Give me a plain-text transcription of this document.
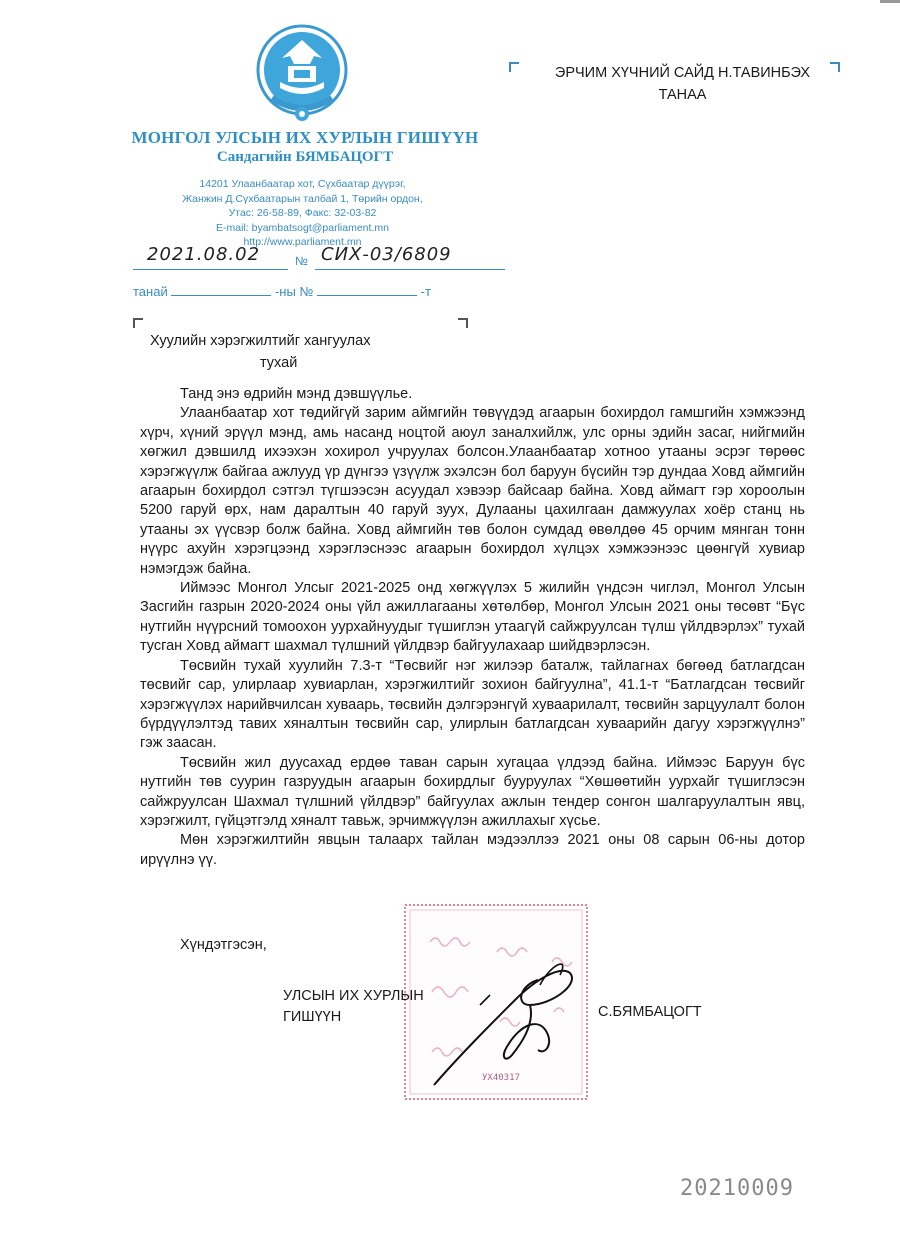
МОНГОЛ УЛСЫН ИХ ХУРЛЫН ГИШҮҮН
Сандагийн БЯМБАЦОГТ
14201 Улаанбаатар хот, Сүхбаатар дүүрэг,
Жанжин Д.Сүхбаатарын талбай 1, Төрийн ордон,
Утас: 26-58-89, Факс: 32-03-82
E-mail: byambatsogt@parliament.mn
http://www.parliament.mn
2021.08.02	№ СИХ-03/6809
танай	-ны №	-т
ЭРЧИМ ХҮЧНИЙ САЙД Н.ТАВИНБЭХ
ТАНАА
Хуулийн хэрэгжилтийг хангуулах
тухай

Танд энэ өдрийн мэнд дэвшүүлье.

Улаанбаатар хот төдийгүй зарим аймгийн төвүүдэд агаарын бохирдол гамшгийн хэмжээнд хүрч, хүний эрүүл мэнд, амь насанд ноцтой аюул заналхийлж, улс орны эдийн засаг, нийгмийн хөгжил дэвшилд ихээхэн хохирол учруулах болсон.Улаанбаатар хотноо утааны эсрэг төрөөс хэрэгжүүлж байгаа ажлууд үр дүнгээ үзүүлж эхэлсэн бол баруун бүсийн тэр дундаа Ховд аймгийн агаарын бохирдол сэтгэл түгшээсэн асуудал хэвээр байсаар байна. Ховд аймагт гэр хороолын 5200 гаруй өрх, нам даралтын 40 гаруй зуух, Дулааны цахилгаан дамжуулах хоёр станц нь утааны эх үүсвэр болж байна. Ховд аймгийн төв болон сумдад өвөлдөө 45 орчим мянган тонн нүүрс ахуйн хэрэгцээнд хэрэглэснээс агаарын бохирдол хүлцэх хэмжээнээс цөөнгүй хувиар нэмэгдэж байна.

Иймээс Монгол Улсыг 2021-2025 онд хөгжүүлэх 5 жилийн үндсэн чиглэл, Монгол Улсын Засгийн газрын 2020-2024 оны үйл ажиллагааны хөтөлбөр, Монгол Улсын 2021 оны төсөвт “Бүс нутгийн нүүрсний томоохон уурхайнуудыг түшиглэн утаагүй сайжруулсан түлш үйлдвэрлэх” тухай тусган Ховд аймагт шахмал түлшний үйлдвэр байгуулахаар шийдвэрлэсэн.

Төсвийн тухай хуулийн 7.3-т “Төсвийг нэг жилээр баталж, тайлагнах бөгөөд батлагдсан төсвийг сар, улирлаар хувиарлан, хэрэгжилтийг зохион байгуулна”, 41.1-т “Батлагдсан төсвийг хэрэгжүүлэх нарийвчилсан хуваарь, төсвийн дэлгэрэнгүй хуваарилалт, төсвийн зарцуулалт болон бүрдүүлэлтэд тавих хяналтын төсвийн сар, улирлын батлагдсан хуваарийн дагуу хэрэгжүүлнэ” гэж заасан.

Төсвийн жил дуусахад ердөө таван сарын хугацаа үлдээд байна. Иймээс Баруун бүс нутгийн төв суурин газруудын агаарын бохирдлыг бууруулах “Хөшөөтийн уурхайг түшиглэсэн сайжруулсан Шахмал түлшний үйлдвэр” байгуулах ажлын тендер сонгон шалгаруулалтын явц, хэрэгжилт, гүйцэтгэлд хяналт тавьж, эрчимжүүлэн ажиллахыг хүсье.

Мөн хэрэгжилтийн явцын талаарх тайлан мэдээллээ 2021 оны 08 сарын 06-ны дотор ирүүлнэ үү.

Хүндэтгэсэн,
УХ40317
УЛСЫН ИХ ХУРЛЫН
ГИШҮҮН	С.БЯМБАЦОГТ
20210009
